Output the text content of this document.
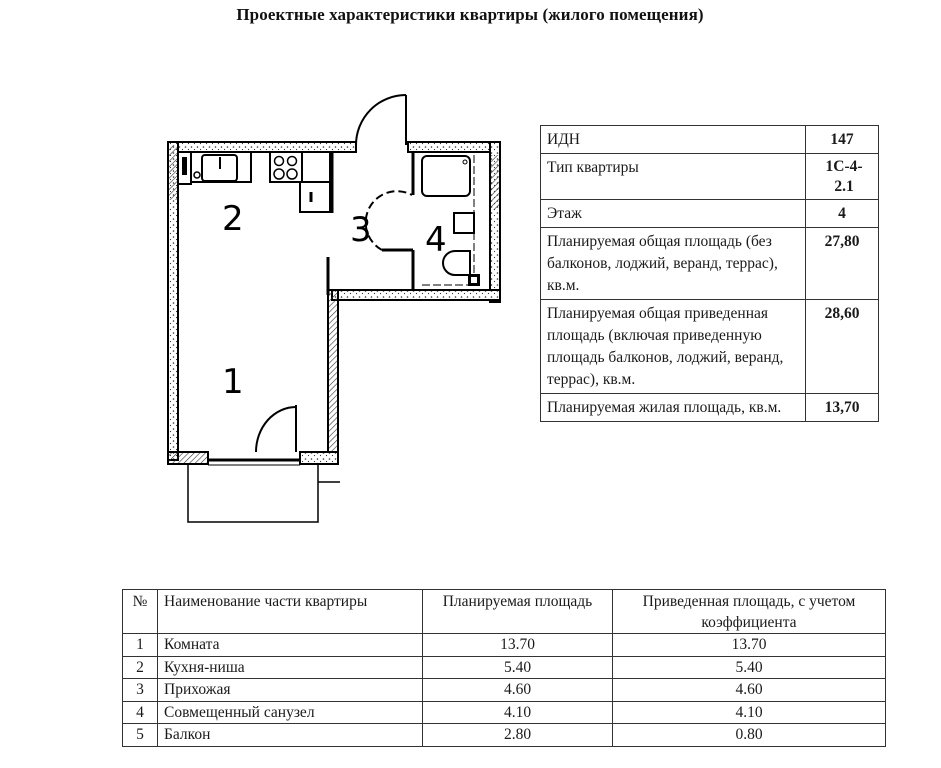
Проектные характеристики квартиры (жилого помещения)
2	3 4
1
ИДН	147
Тип квартиры	1С-4-2.1
Этаж	4
Планируемая общая площадь (без балконов, лоджий, веранд, террас), кв.м.	27,80
Планируемая общая приведенная площадь (включая приведенную площадь балконов, лоджий, веранд, террас), кв.м.	28,60
Планируемая жилая площадь, кв.м.	13,70
№	Наименование части квартиры	Планируемая площадь	Приведенная площадь, с учетом коэффициента
1	Комната	13.70	13.70
2	Кухня-ниша	5.40	5.40
3	Прихожая	4.60	4.60
4	Совмещенный санузел	4.10	4.10
5	Балкон	2.80	0.80
